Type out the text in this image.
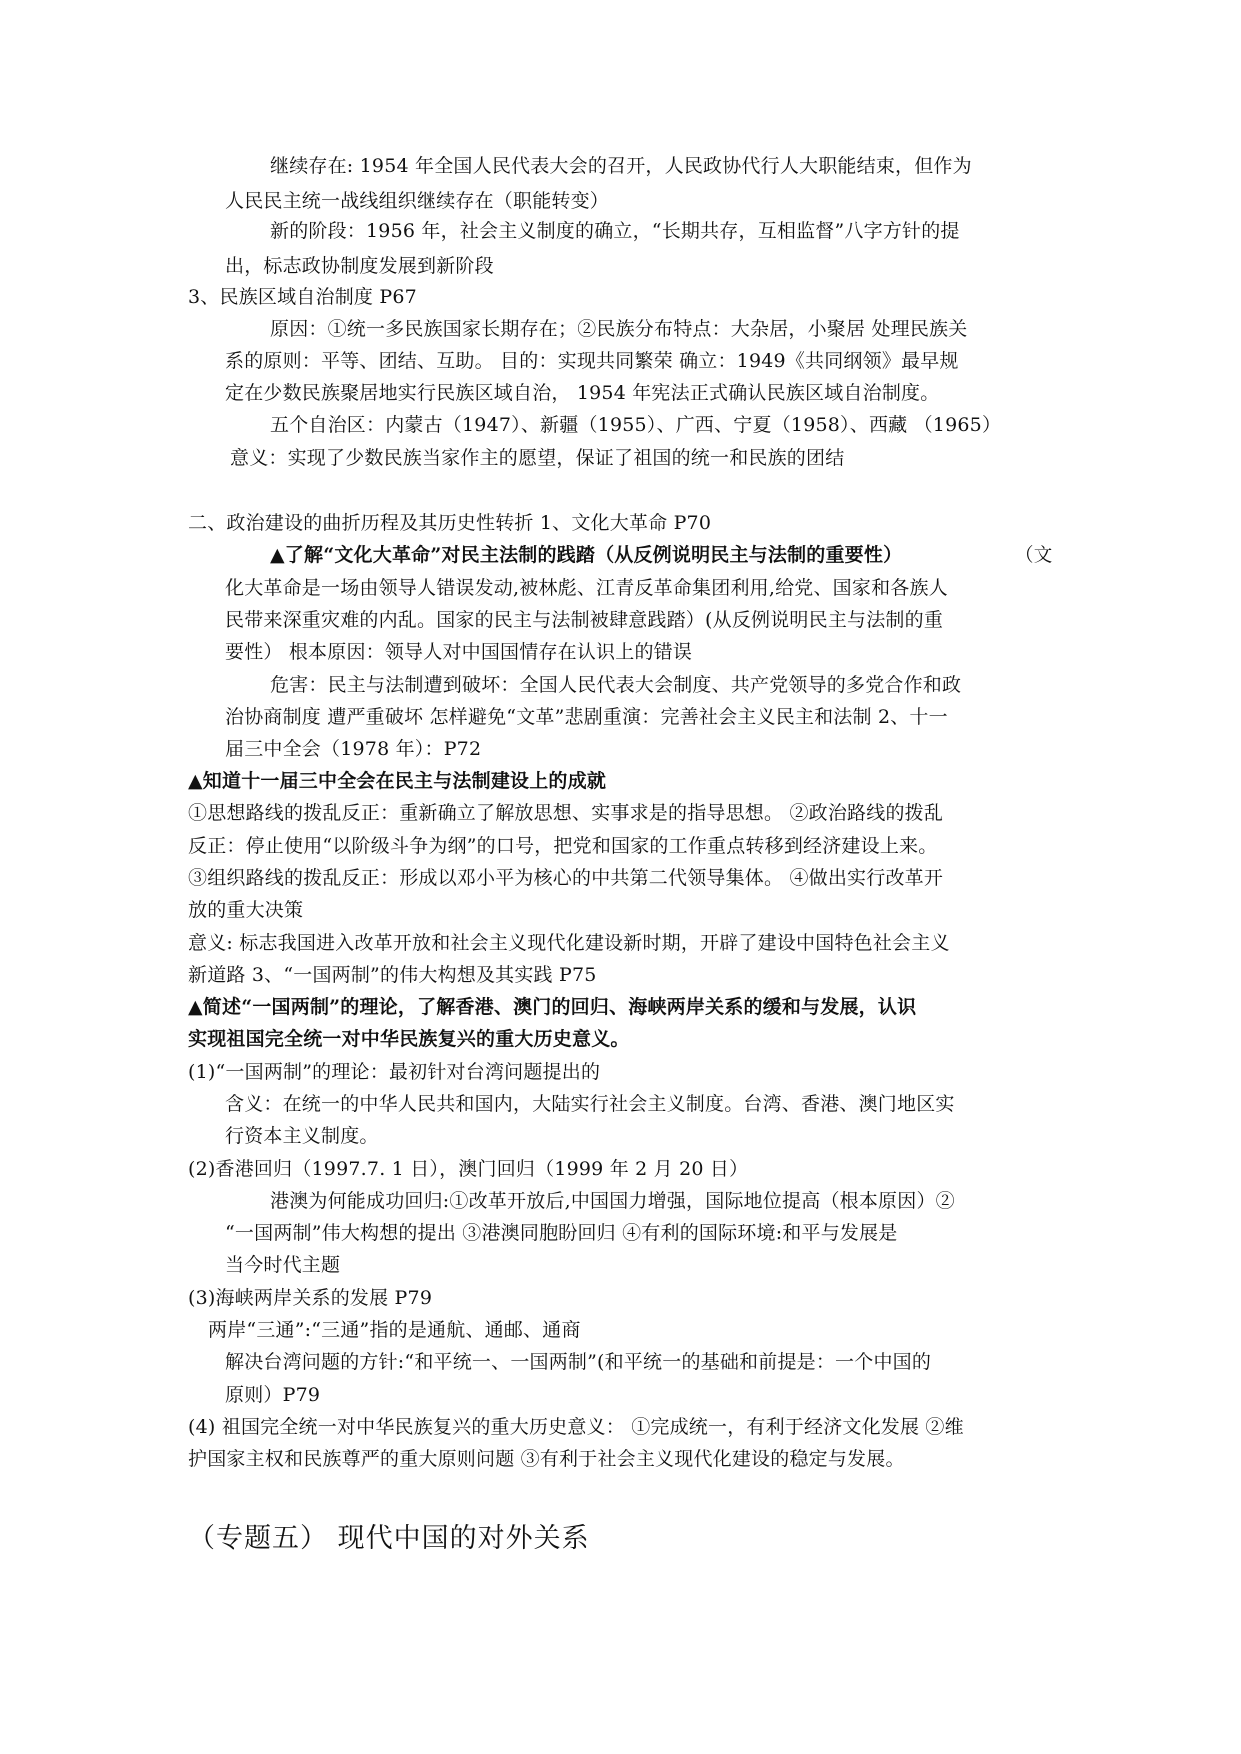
继续存在: 1954 年全国人民代表大会的召开，人民政协代行人大职能结束，但作为
人民民主统一战线组织继续存在（职能转变）
新的阶段：1956 年，社会主义制度的确立，“长期共存，互相监督”八字方针的提
出，标志政协制度发展到新阶段
3、民族区域自治制度 P67
原因：①统一多民族国家长期存在；②民族分布特点：大杂居，小聚居 处理民族关
系的原则：平等、团结、互助。 目的：实现共同繁荣 确立：1949《共同纲领》最早规
定在少数民族聚居地实行民族区域自治， 1954 年宪法正式确认民族区域自治制度。
五个自治区：内蒙古（1947）、新疆（1955）、广西、宁夏（1958）、西藏 （1965）
意义：实现了少数民族当家作主的愿望，保证了祖国的统一和民族的团结
二、政治建设的曲折历程及其历史性转折 1、文化大革命 P70
▲了解“文化大革命”对民主法制的践踏（从反例说明民主与法制的重要性）	（文
化大革命是一场由领导人错误发动,被林彪、江青反革命集团利用,给党、国家和各族人
民带来深重灾难的内乱。国家的民主与法制被肆意践踏）(从反例说明民主与法制的重
要性） 根本原因：领导人对中国国情存在认识上的错误
危害：民主与法制遭到破坏：全国人民代表大会制度、共产党领导的多党合作和政
治协商制度 遭严重破坏 怎样避免“文革”悲剧重演：完善社会主义民主和法制 2、十一
届三中全会（1978 年）：P72
▲知道十一届三中全会在民主与法制建设上的成就
①思想路线的拨乱反正：重新确立了解放思想、实事求是的指导思想。 ②政治路线的拨乱
反正：停止使用“以阶级斗争为纲”的口号，把党和国家的工作重点转移到经济建设上来。
③组织路线的拨乱反正：形成以邓小平为核心的中共第二代领导集体。 ④做出实行改革开
放的重大决策
意义: 标志我国进入改革开放和社会主义现代化建设新时期，开辟了建设中国特色社会主义
新道路 3、“一国两制”的伟大构想及其实践 P75
▲简述“一国两制”的理论，了解香港、澳门的回归、海峡两岸关系的缓和与发展，认识
实现祖国完全统一对中华民族复兴的重大历史意义。
(1)“一国两制”的理论：最初针对台湾问题提出的
含义：在统一的中华人民共和国内，大陆实行社会主义制度。台湾、香港、澳门地区实
行资本主义制度。
(2)香港回归（1997.7. 1 日），澳门回归（1999 年 2 月 20 日）
港澳为何能成功回归:①改革开放后,中国国力增强，国际地位提高（根本原因）②
“一国两制”伟大构想的提出 ③港澳同胞盼回归 ④有利的国际环境:和平与发展是
当今时代主题
(3)海峡两岸关系的发展 P79
两岸“三通”:“三通”指的是通航、通邮、通商
解决台湾问题的方针:“和平统一、一国两制”(和平统一的基础和前提是：一个中国的
原则）P79
(4) 祖国完全统一对中华民族复兴的重大历史意义： ①完成统一，有利于经济文化发展 ②维
护国家主权和民族尊严的重大原则问题 ③有利于社会主义现代化建设的稳定与发展。
（专题五） 现代中国的对外关系
